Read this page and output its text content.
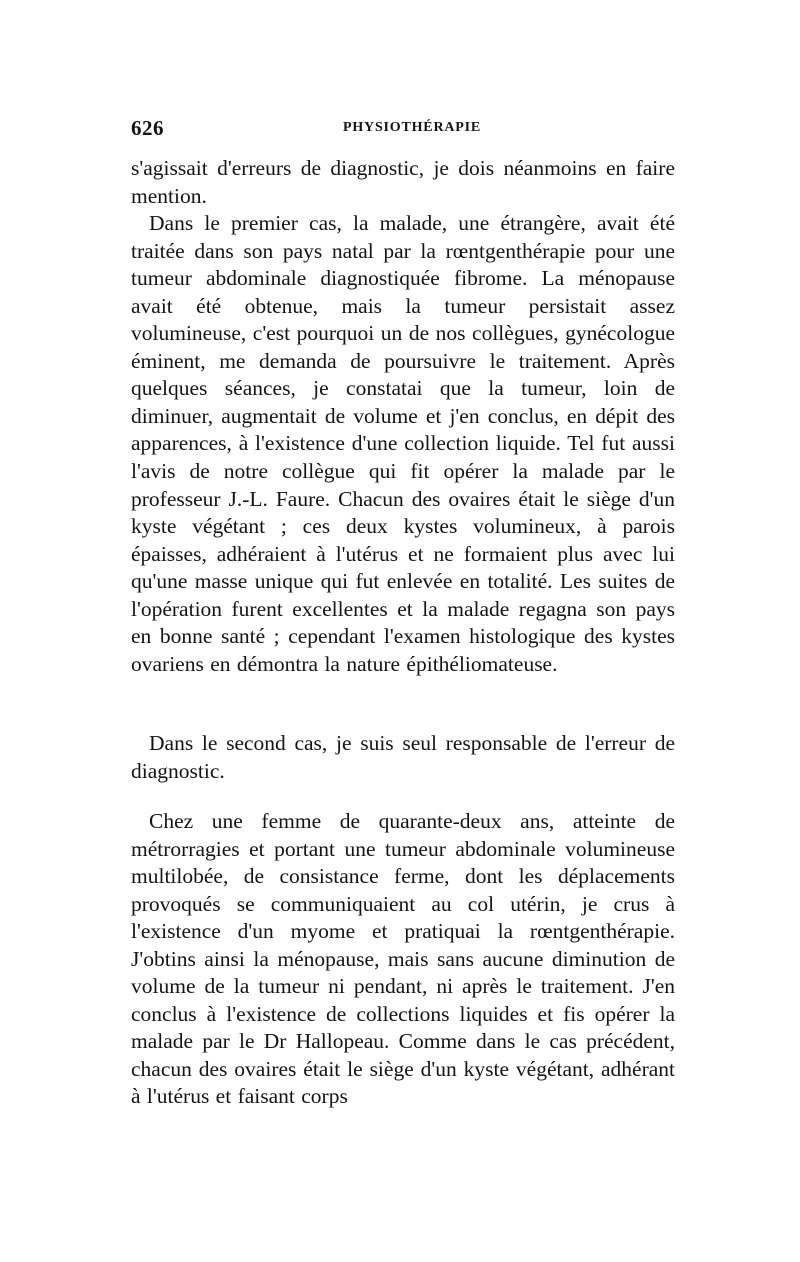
626	PHYSIOTHÉRAPIE

s'agissait d'erreurs de diagnostic, je dois néanmoins en faire mention.

Dans le premier cas, la malade, une étrangère, avait été traitée dans son pays natal par la rœntgenthérapie pour une tumeur abdominale diagnostiquée fibrome. La ménopause avait été obtenue, mais la tumeur persistait assez volumineuse, c'est pourquoi un de nos collègues, gynécologue éminent, me demanda de poursuivre le traitement. Après quelques séances, je constatai que la tumeur, loin de diminuer, augmentait de volume et j'en conclus, en dépit des apparences, à l'existence d'une collection liquide. Tel fut aussi l'avis de notre collègue qui fit opérer la malade par le professeur J.-L. Faure. Chacun des ovaires était le siège d'un kyste végétant ; ces deux kystes volumineux, à parois épaisses, adhéraient à l'utérus et ne formaient plus avec lui qu'une masse unique qui fut enlevée en totalité. Les suites de l'opération furent excellentes et la malade regagna son pays en bonne santé ; cependant l'examen histologique des kystes ovariens en démontra la nature épithéliomateuse.

Dans le second cas, je suis seul responsable de l'erreur de diagnostic.

Chez une femme de quarante-deux ans, atteinte de métrorragies et portant une tumeur abdominale volumineuse multilobée, de consistance ferme, dont les déplacements provoqués se communiquaient au col utérin, je crus à l'existence d'un myome et pratiquai la rœntgenthérapie. J'obtins ainsi la ménopause, mais sans aucune diminution de volume de la tumeur ni pendant, ni après le traitement. J'en conclus à l'existence de collections liquides et fis opérer la malade par le Dr Hallopeau. Comme dans le cas précédent, chacun des ovaires était le siège d'un kyste végétant, adhérant à l'utérus et faisant corps
